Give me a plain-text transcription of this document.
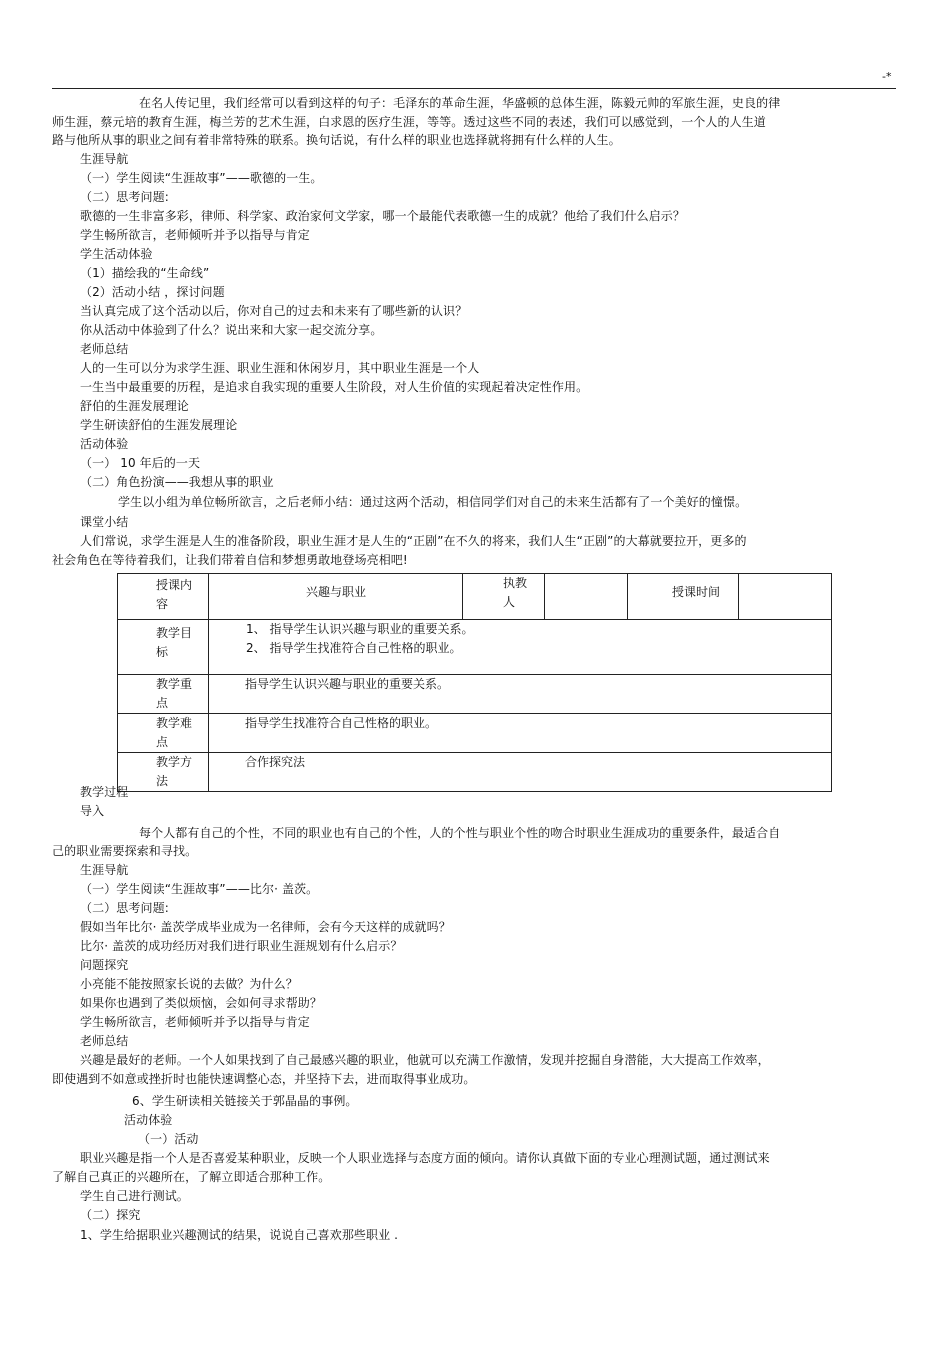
-*
在名人传记里，我们经常可以看到这样的句子：毛泽东的革命生涯，华盛顿的总体生涯，陈毅元帅的军旅生涯，史良的律
师生涯，蔡元培的教育生涯，梅兰芳的艺术生涯，白求恩的医疗生涯，等等。透过这些不同的表述，我们可以感觉到，一个人的人生道
路与他所从事的职业之间有着非常特殊的联系。换句话说，有什么样的职业也选择就将拥有什么样的人生。
生涯导航
（一）学生阅读“生涯故事”——歌德的一生。
（二）思考问题:
歌德的一生非富多彩，律师、科学家、政治家何文学家，哪一个最能代表歌德一生的成就？他给了我们什么启示？
学生畅所欲言，老师倾听并予以指导与肯定
学生活动体验
（1）描绘我的“生命线”
（2）活动小结 ，探讨问题
当认真完成了这个活动以后，你对自己的过去和未来有了哪些新的认识？
你从活动中体验到了什么？说出来和大家一起交流分享。
老师总结
人的一生可以分为求学生涯、职业生涯和休闲岁月，其中职业生涯是一个人
一生当中最重要的历程，是追求自我实现的重要人生阶段，对人生价值的实现起着决定性作用。
舒伯的生涯发展理论
学生研读舒伯的生涯发展理论
活动体验
（一） 10 年后的一天
（二）角色扮演——我想从事的职业
学生以小组为单位畅所欲言，之后老师小结：通过这两个活动，相信同学们对自己的未来生活都有了一个美好的憧憬。
课堂小结
人们常说，求学生涯是人生的准备阶段，职业生涯才是人生的“正剧”在不久的将来，我们人生“正剧”的大幕就要拉开，更多的
社会角色在等待着我们，让我们带着自信和梦想勇敢地登场亮相吧!
授课内
容	兴趣与职业	执教
人		授课时间	

教学目
标	1、 指导学生认识兴趣与职业的重要关系。
2、 指导学生找准符合自己性格的职业。				

教学重
点	指导学生认识兴趣与职业的重要关系。				

教学难
点	指导学生找准符合自己性格的职业。				

教学方
法	合作探究法				
教学过程
导入
每个人都有自己的个性，不同的职业也有自己的个性，人的个性与职业个性的吻合时职业生涯成功的重要条件，最适合自
己的职业需要探索和寻找。
生涯导航
（一）学生阅读“生涯故事”——比尔· 盖茨。
（二）思考问题:
假如当年比尔· 盖茨学成毕业成为一名律师，会有今天这样的成就吗？
比尔· 盖茨的成功经历对我们进行职业生涯规划有什么启示？
问题探究
小亮能不能按照家长说的去做？为什么？
如果你也遇到了类似烦恼，会如何寻求帮助？
学生畅所欲言，老师倾听并予以指导与肯定
老师总结
兴趣是最好的老师。一个人如果找到了自己最感兴趣的职业，他就可以充满工作激情，发现并挖掘自身潜能，大大提高工作效率，
即使遇到不如意或挫折时也能快速调整心态，并坚持下去，进而取得事业成功。
6、学生研读相关链接关于郭晶晶的事例。
活动体验
（一）活动
职业兴趣是指一个人是否喜爱某种职业，反映一个人职业选择与态度方面的倾向。请你认真做下面的专业心理测试题，通过测试来
了解自己真正的兴趣所在，了解立即适合那种工作。
学生自己进行测试。
（二）探究
1、学生给据职业兴趣测试的结果，说说自己喜欢那些职业 .
